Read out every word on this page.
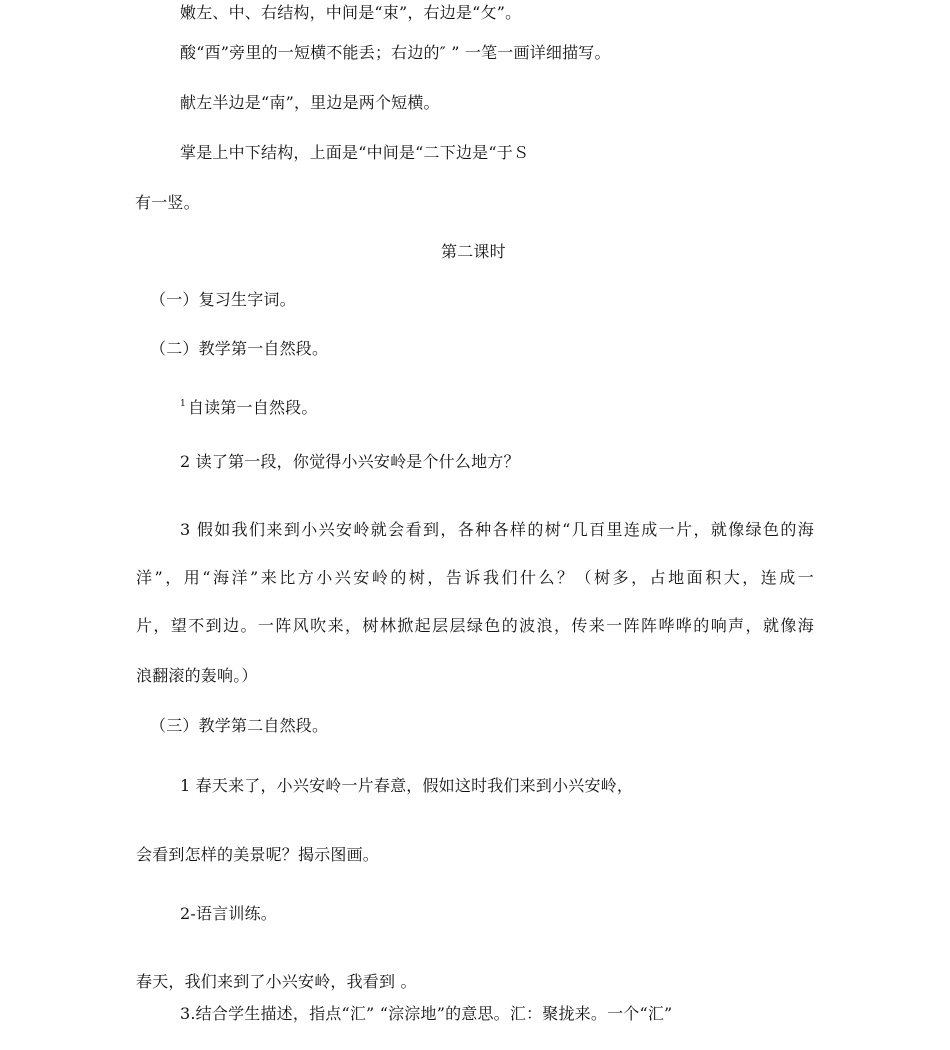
嫩左、中、右结构，中间是“束”，右边是“攵”。
酸“酉”旁里的一短横不能丢；右边的″ ” 一笔一画详细描写。
献左半边是“南”，里边是两个短横。
掌是上中下结构，上面是“中间是“二下边是“于Ｓ
有一竖。
第二课时
（一）复习生字词。
（二）教学第一自然段。
$^1$ 自读第一自然段。
2 读了第一段，你觉得小兴安岭是个什么地方？
3 假如我们来到小兴安岭就会看到，各种各样的树“几百里连成一片，就像绿色的海
洋”，用“海洋”来比方小兴安岭的树，告诉我们什么？（树多，占地面积大，连成一
片，望不到边。一阵风吹来，树林掀起层层绿色的波浪，传来一阵阵哗哗的响声，就像海
浪翻滚的轰响。）
（三）教学第二自然段。
1 春天来了，小兴安岭一片春意，假如这时我们来到小兴安岭，
会看到怎样的美景呢？揭示图画。
2-语言训练。
春天，我们来到了小兴安岭，我看到 。
3.结合学生描述，指点“汇” “淙淙地”的意思。汇：聚拢来。一个“汇”
